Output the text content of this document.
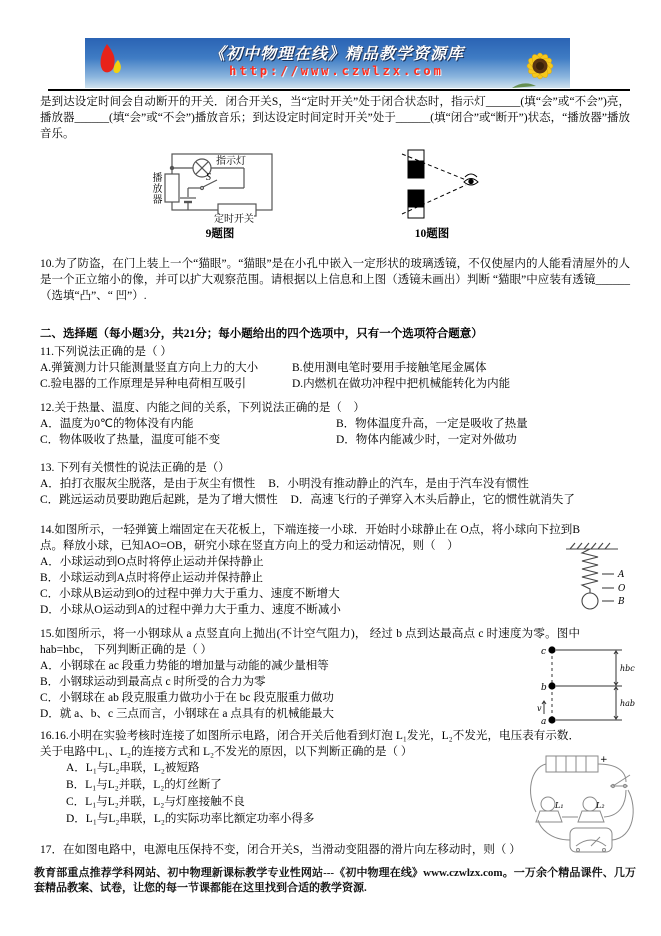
《初中物理在线》精品教学资源库
http://www.czwlzx.com

是到达设定时间会自动断开的开关．闭合开关S，当“定时开关”处于闭合状态时，指示灯______(填“会”或“不会”)亮，播放器______(填“会”或“不会”)播放音乐；到达设定时间定时开关”处于______(填“闭合”或“断开”)状态，“播放器”播放音乐。

播放器
指示灯
S
定时开关
9题图	10题图

10.为了防盗，在门上装上一个“猫眼”。“猫眼”是在小孔中嵌入一定形状的玻璃透镜，不仅使屋内的人能看清屋外的人是一个正立缩小的像，并可以扩大观察范围。请根据以上信息和上图（透镜未画出）判断 “猫眼”中应装有透镜______（选填“凸”、“ 凹”）.

二、选择题（每小题3分，共21分；每小题给出的四个选项中，只有一个选项符合题意）

11.下列说法正确的是（ ）

A.弹簧测力计只能测量竖直方向上力的大小	B.使用测电笔时要用手接触笔尾金属体
C.验电器的工作原理是异种电荷相互吸引	D.内燃机在做功冲程中把机械能转化为内能

12.关于热量、温度、内能之间的关系，下列说法正确的是（　）

A．温度为0℃的物体没有内能	B．物体温度升高，一定是吸收了热量
C．物体吸收了热量，温度可能不变	D．物体内能减少时，一定对外做功

13. 下列有关惯性的说法正确的是（）

A．拍打衣服灰尘脱落，是由于灰尘有惯性 B．小明没有推动静止的汽车，是由于汽车没有惯性

C．跳远运动员要助跑后起跳，是为了增大惯性 D．高速飞行的子弹穿入木头后静止，它的惯性就消失了

14.如图所示，一轻弹簧上端固定在天花板上，下端连接一小球．开始时小球静止在 O点，将小球向下拉到B点。释放小球，已知AO=OB，研究小球在竖直方向上的受力和运动情况，则（　）

A．小球运动到O点时将停止运动并保持静止

B．小球运动到A点时将停止运动并保持静止

C．小球从B运动到O的过程中弹力大于重力、速度不断增大

D．小球从O运动到A的过程中弹力大于重力、速度不断减小

A
O
B

15.如图所示，将一小钢球从 a 点竖直向上抛出(不计空气阻力)， 经过 b 点到达最高点 c 时速度为零。图中 hab=hbc， 下列判断正确的是（ ）

A．小钢球在 ac 段重力势能的增加量与动能的减少量相等

B．小钢球运动到最高点 c 时所受的合力为零

C．小钢球在 ab 段克服重力做功小于在 bc 段克服重力做功

D．就 a、b、c 三点而言，小钢球在 a 点具有的机械能最大

c
b
a
hbc
hab
v

16.16.小明在实验考核时连接了如图所示电路，闭合开关后他看到灯泡 L₁发光，L₂不发光，电压表有示数．关于电路中L₁、L₂的连接方式和 L₂不发光的原因，以下判断正确的是（ ）

A．L₁与L₂串联，L₂被短路

B．L₁与L₂并联，L₂的灯丝断了

C．L₁与L₂并联，L₂与灯座接触不良

D．L₁与L₂串联，L₂的实际功率比额定功率小得多

+
L₁	L₂

17．在如图电路中，电源电压保持不变，闭合开关S，当滑动变阻器的滑片向左移动时，则（ ）

教育部重点推荐学科网站、初中物理新课标教学专业性网站---《初中物理在线》www.czwlzx.com。一万余个精品课件、几万套精品教案、试卷，让您的每一节课都能在这里找到合适的教学资源.
